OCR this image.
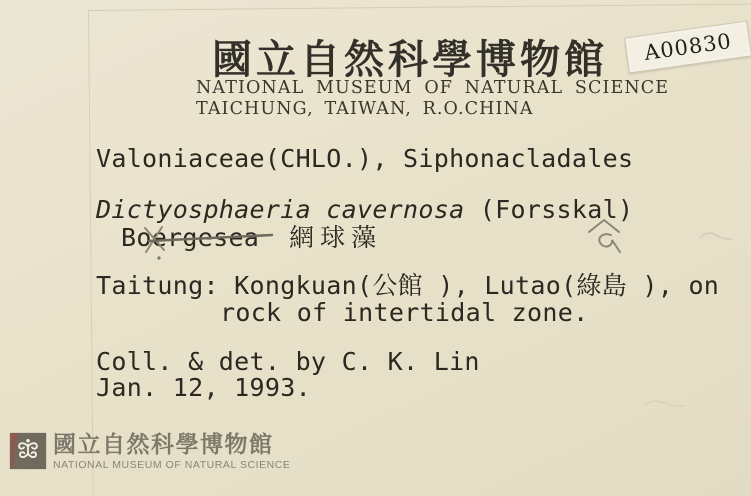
國立自然科學博物館
NATIONAL MUSEUM OF NATURAL SCIENCE
TAICHUNG, TAIWAN, R.O.CHINA
A00830
Valoniaceae(CHLO.), Siphonacladales
Dictyosphaeria cavernosa (Forsskal)
Boergesea 網球藻
Taitung: Kongkuan(公館 ), Lutao(綠島 ), on
rock of intertidal zone.
Coll. & det. by C. K. Lin
Jan. 12, 1993.
國立自然科學博物館
NATIONAL MUSEUM OF NATURAL SCIENCE
